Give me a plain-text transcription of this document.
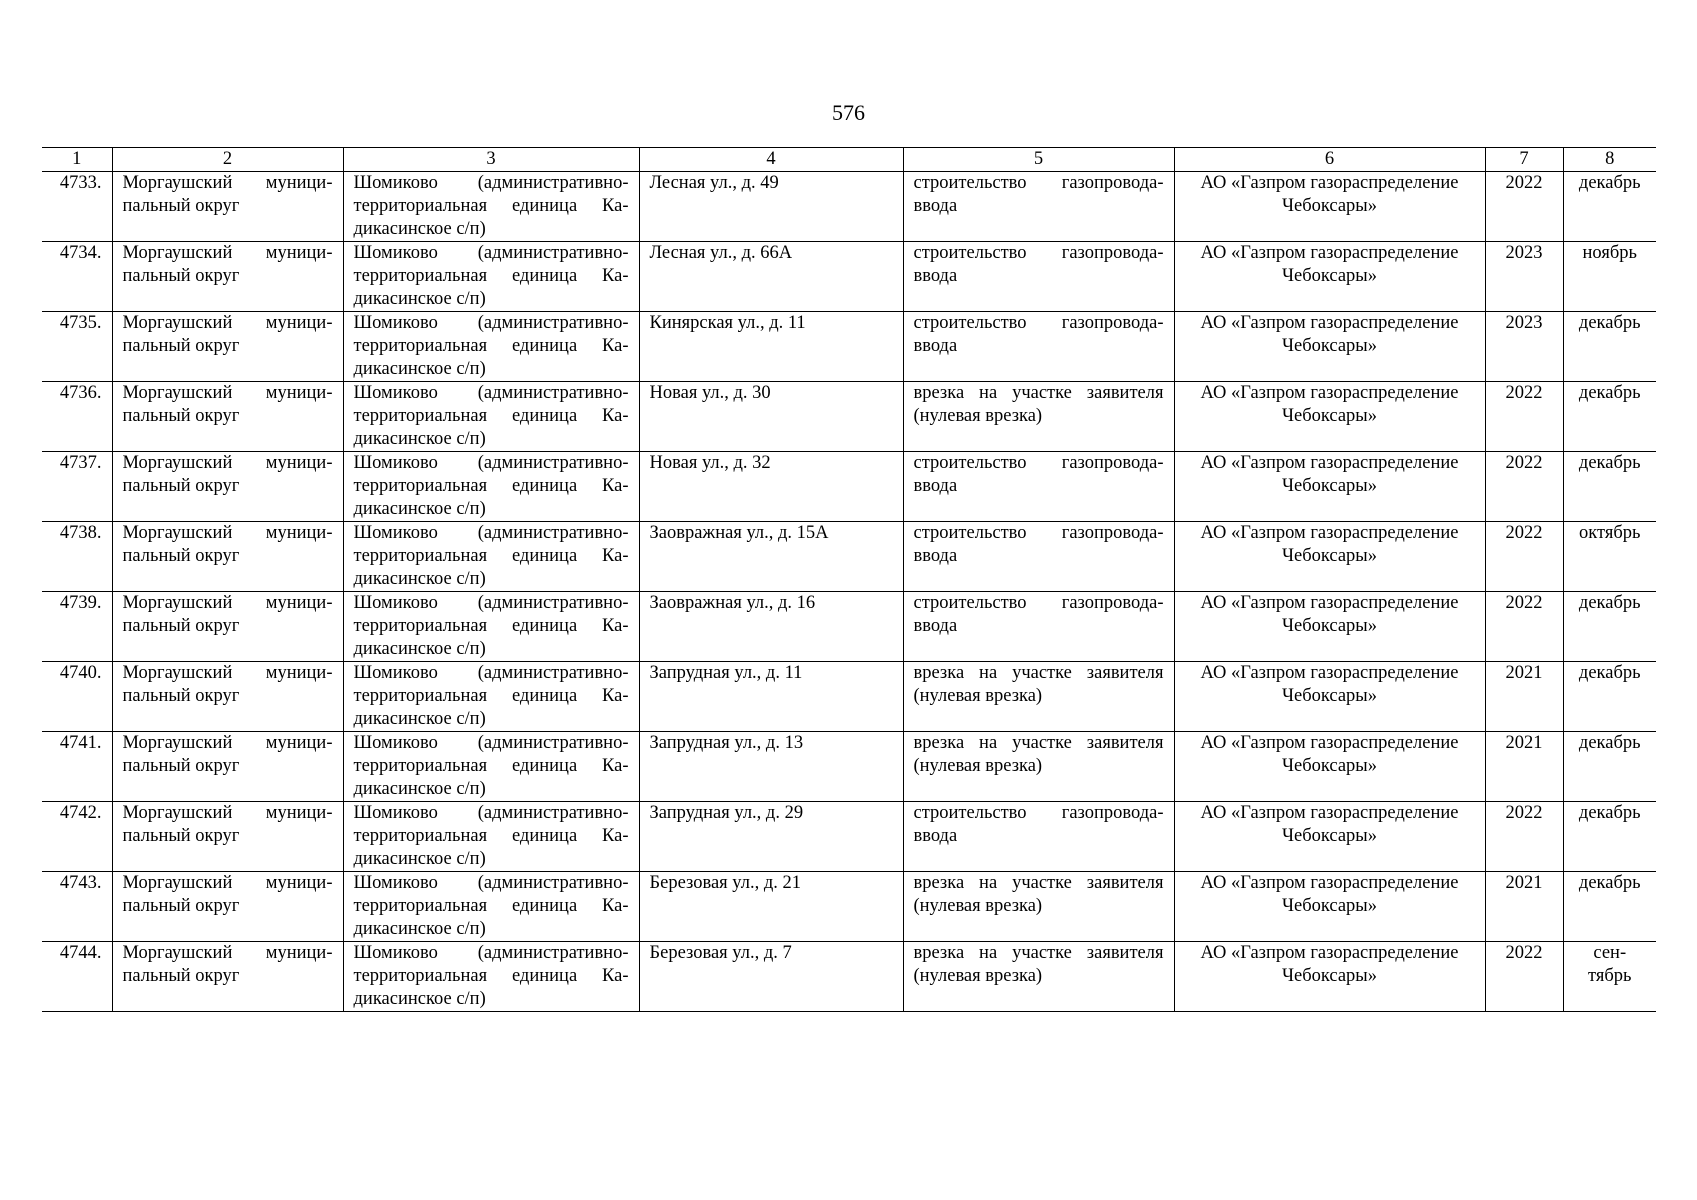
576
1	2	3	4	5	6	7	8
4733.	Моргаушский муници-пальный округ	Шомиково (административно-территориальная единица Ка-дикасинское с/п)	Лесная ул., д. 49	строительство газопровода-ввода	АО «Газпром газораспределение Чебоксары»	2022	декабрь
4734.	Моргаушский муници-пальный округ	Шомиково (административно-территориальная единица Ка-дикасинское с/п)	Лесная ул., д. 66А	строительство газопровода-ввода	АО «Газпром газораспределение Чебоксары»	2023	ноябрь
4735.	Моргаушский муници-пальный округ	Шомиково (административно-территориальная единица Ка-дикасинское с/п)	Кинярская ул., д. 11	строительство газопровода-ввода	АО «Газпром газораспределение Чебоксары»	2023	декабрь
4736.	Моргаушский муници-пальный округ	Шомиково (административно-территориальная единица Ка-дикасинское с/п)	Новая ул., д. 30	врезка на участке заявителя (нулевая врезка)	АО «Газпром газораспределение Чебоксары»	2022	декабрь
4737.	Моргаушский муници-пальный округ	Шомиково (административно-территориальная единица Ка-дикасинское с/п)	Новая ул., д. 32	строительство газопровода-ввода	АО «Газпром газораспределение Чебоксары»	2022	декабрь
4738.	Моргаушский муници-пальный округ	Шомиково (административно-территориальная единица Ка-дикасинское с/п)	Заовражная ул., д. 15А	строительство газопровода-ввода	АО «Газпром газораспределение Чебоксары»	2022	октябрь
4739.	Моргаушский муници-пальный округ	Шомиково (административно-территориальная единица Ка-дикасинское с/п)	Заовражная ул., д. 16	строительство газопровода-ввода	АО «Газпром газораспределение Чебоксары»	2022	декабрь
4740.	Моргаушский муници-пальный округ	Шомиково (административно-территориальная единица Ка-дикасинское с/п)	Запрудная ул., д. 11	врезка на участке заявителя (нулевая врезка)	АО «Газпром газораспределение Чебоксары»	2021	декабрь
4741.	Моргаушский муници-пальный округ	Шомиково (административно-территориальная единица Ка-дикасинское с/п)	Запрудная ул., д. 13	врезка на участке заявителя (нулевая врезка)	АО «Газпром газораспределение Чебоксары»	2021	декабрь
4742.	Моргаушский муници-пальный округ	Шомиково (административно-территориальная единица Ка-дикасинское с/п)	Запрудная ул., д. 29	строительство газопровода-ввода	АО «Газпром газораспределение Чебоксары»	2022	декабрь
4743.	Моргаушский муници-пальный округ	Шомиково (административно-территориальная единица Ка-дикасинское с/п)	Березовая ул., д. 21	врезка на участке заявителя (нулевая врезка)	АО «Газпром газораспределение Чебоксары»	2021	декабрь
4744.	Моргаушский муници-пальный округ	Шомиково (административно-территориальная единица Ка-дикасинское с/п)	Березовая ул., д. 7	врезка на участке заявителя (нулевая врезка)	АО «Газпром газораспределение Чебоксары»	2022	сен-тябрь
